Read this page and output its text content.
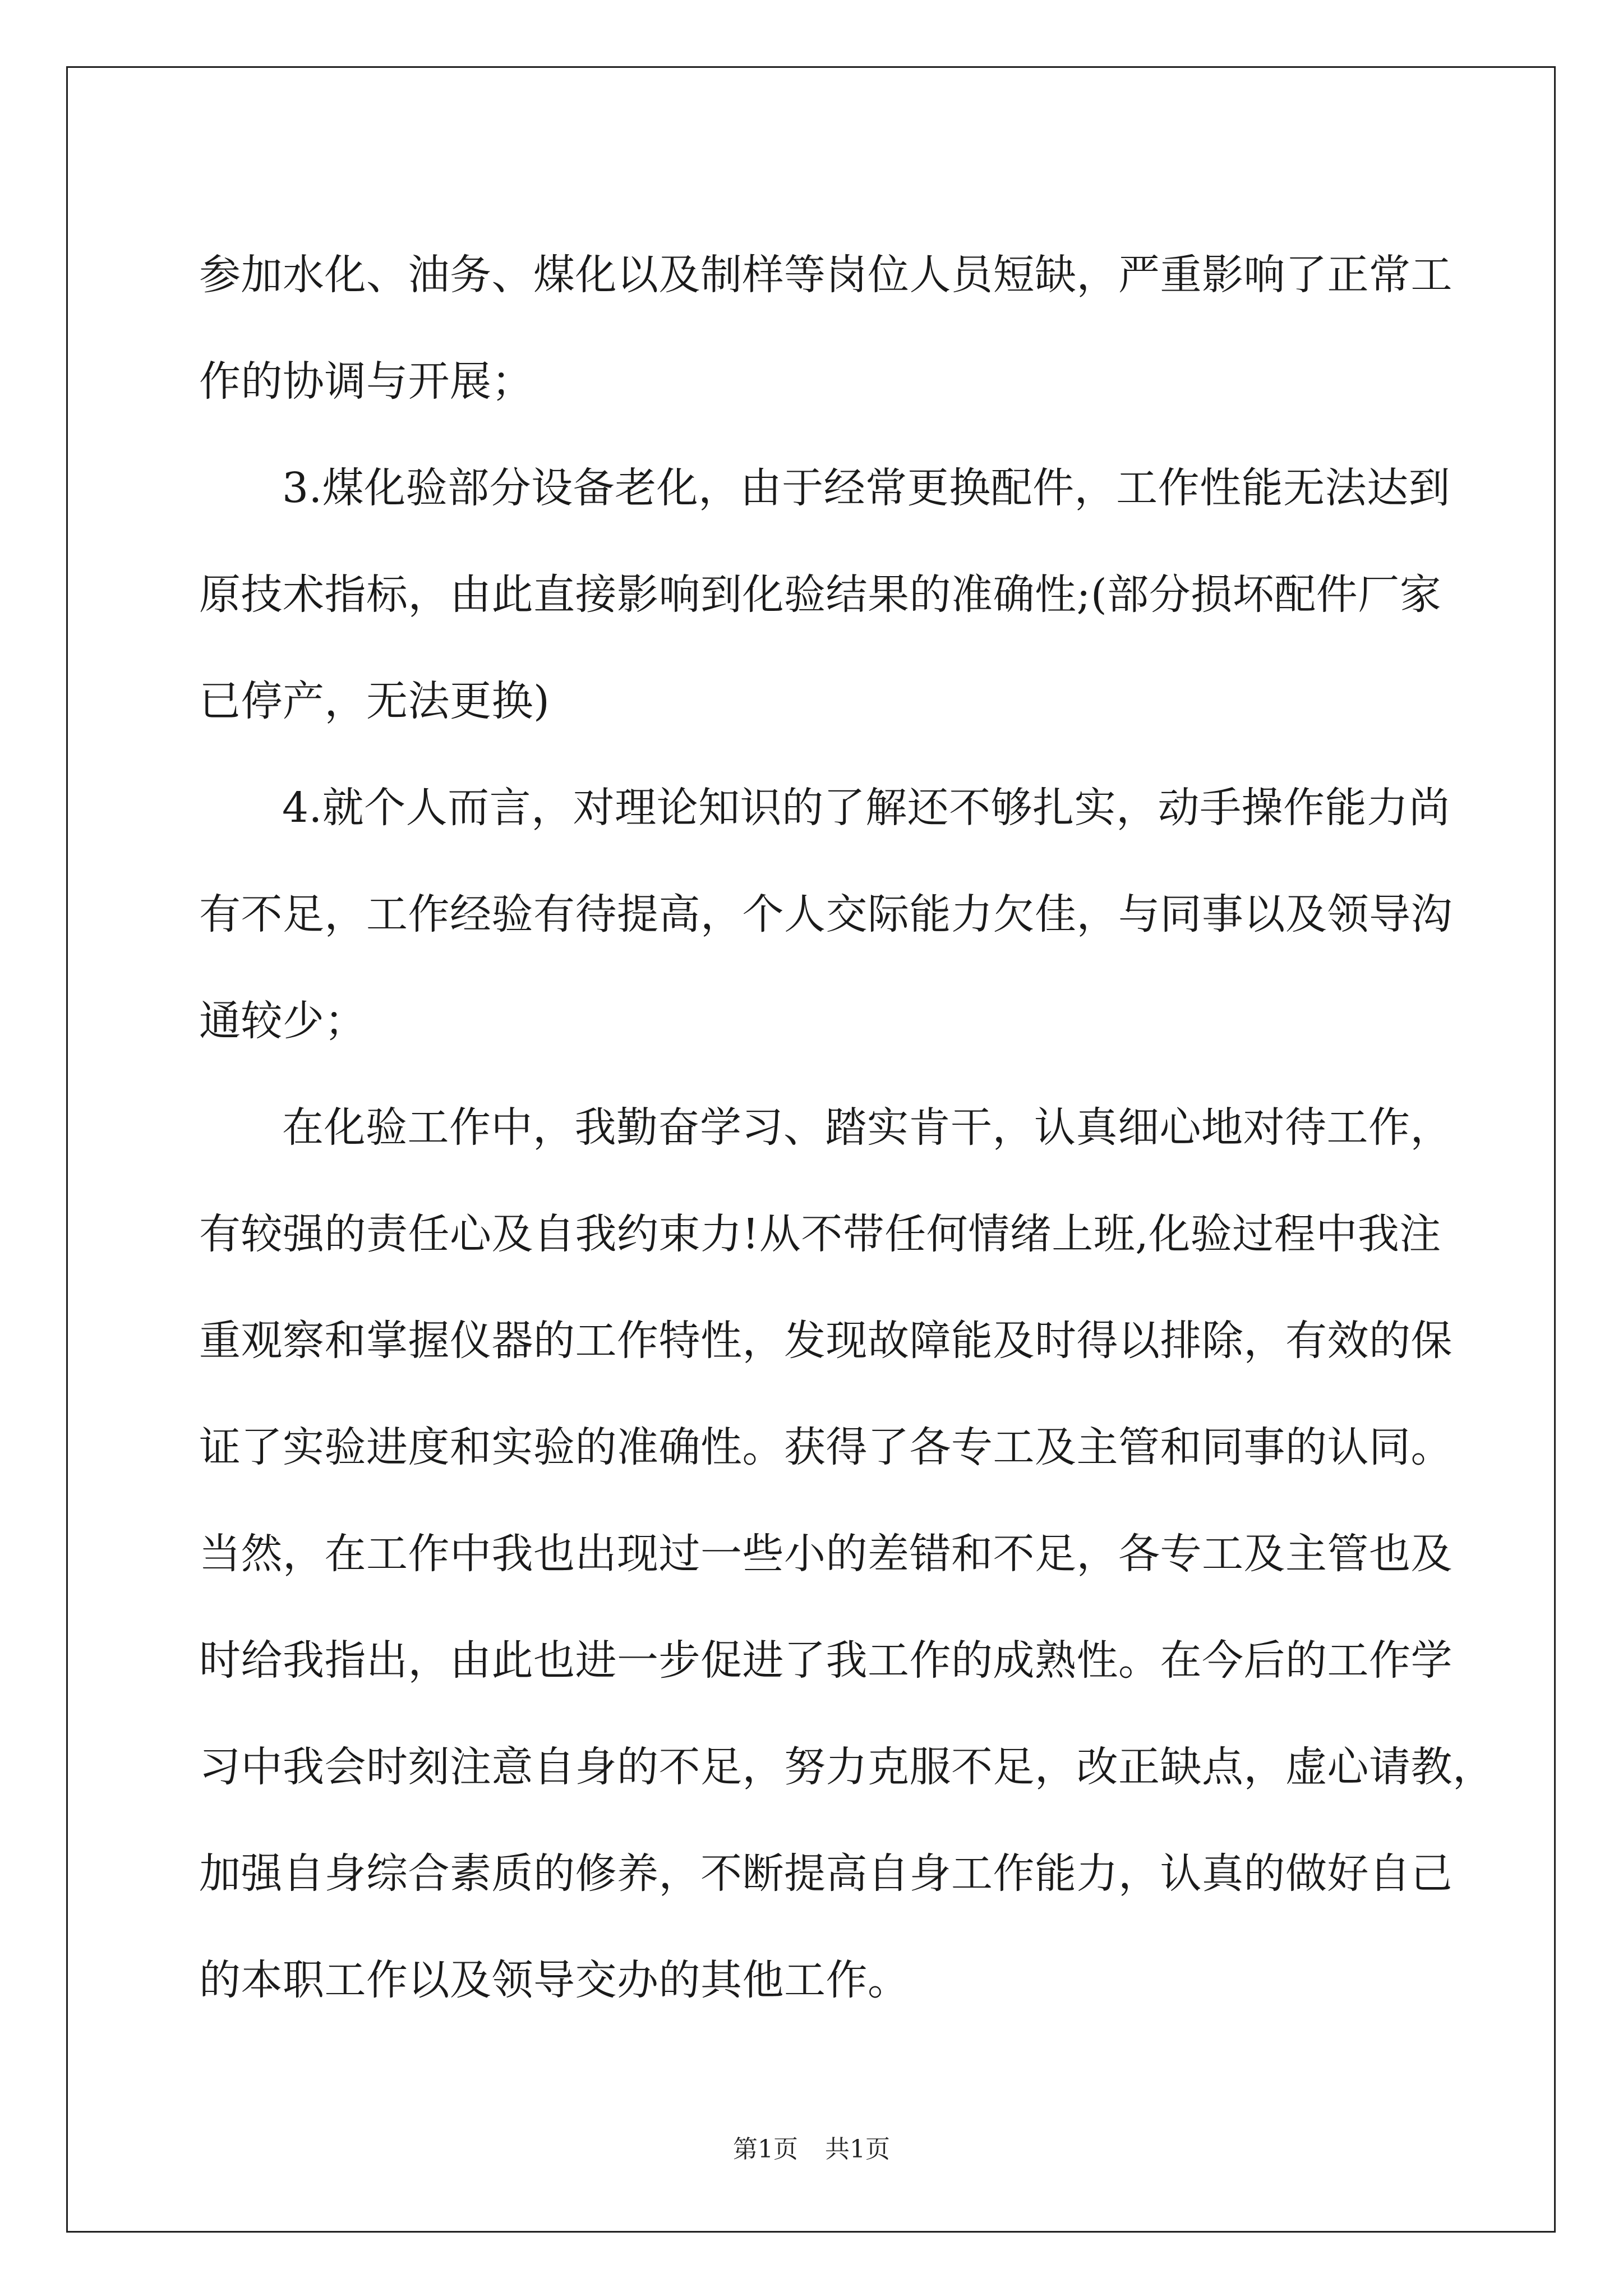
参加水化、油务、煤化以及制样等岗位人员短缺，严重影响了正常工
作的协调与开展；
3.煤化验部分设备老化，由于经常更换配件，工作性能无法达到
原技术指标，由此直接影响到化验结果的准确性;(部分损坏配件厂家
已停产，无法更换)
4.就个人而言，对理论知识的了解还不够扎实，动手操作能力尚
有不足，工作经验有待提高，个人交际能力欠佳，与同事以及领导沟
通较少；
在化验工作中，我勤奋学习、踏实肯干，认真细心地对待工作，
有较强的责任心及自我约束力!从不带任何情绪上班,化验过程中我注
重观察和掌握仪器的工作特性，发现故障能及时得以排除，有效的保
证了实验进度和实验的准确性。获得了各专工及主管和同事的认同。
当然，在工作中我也出现过一些小的差错和不足，各专工及主管也及
时给我指出，由此也进一步促进了我工作的成熟性。在今后的工作学
习中我会时刻注意自身的不足，努力克服不足，改正缺点，虚心请教，
加强自身综合素质的修养，不断提高自身工作能力，认真的做好自己
的本职工作以及领导交办的其他工作。
第1页 共1页
